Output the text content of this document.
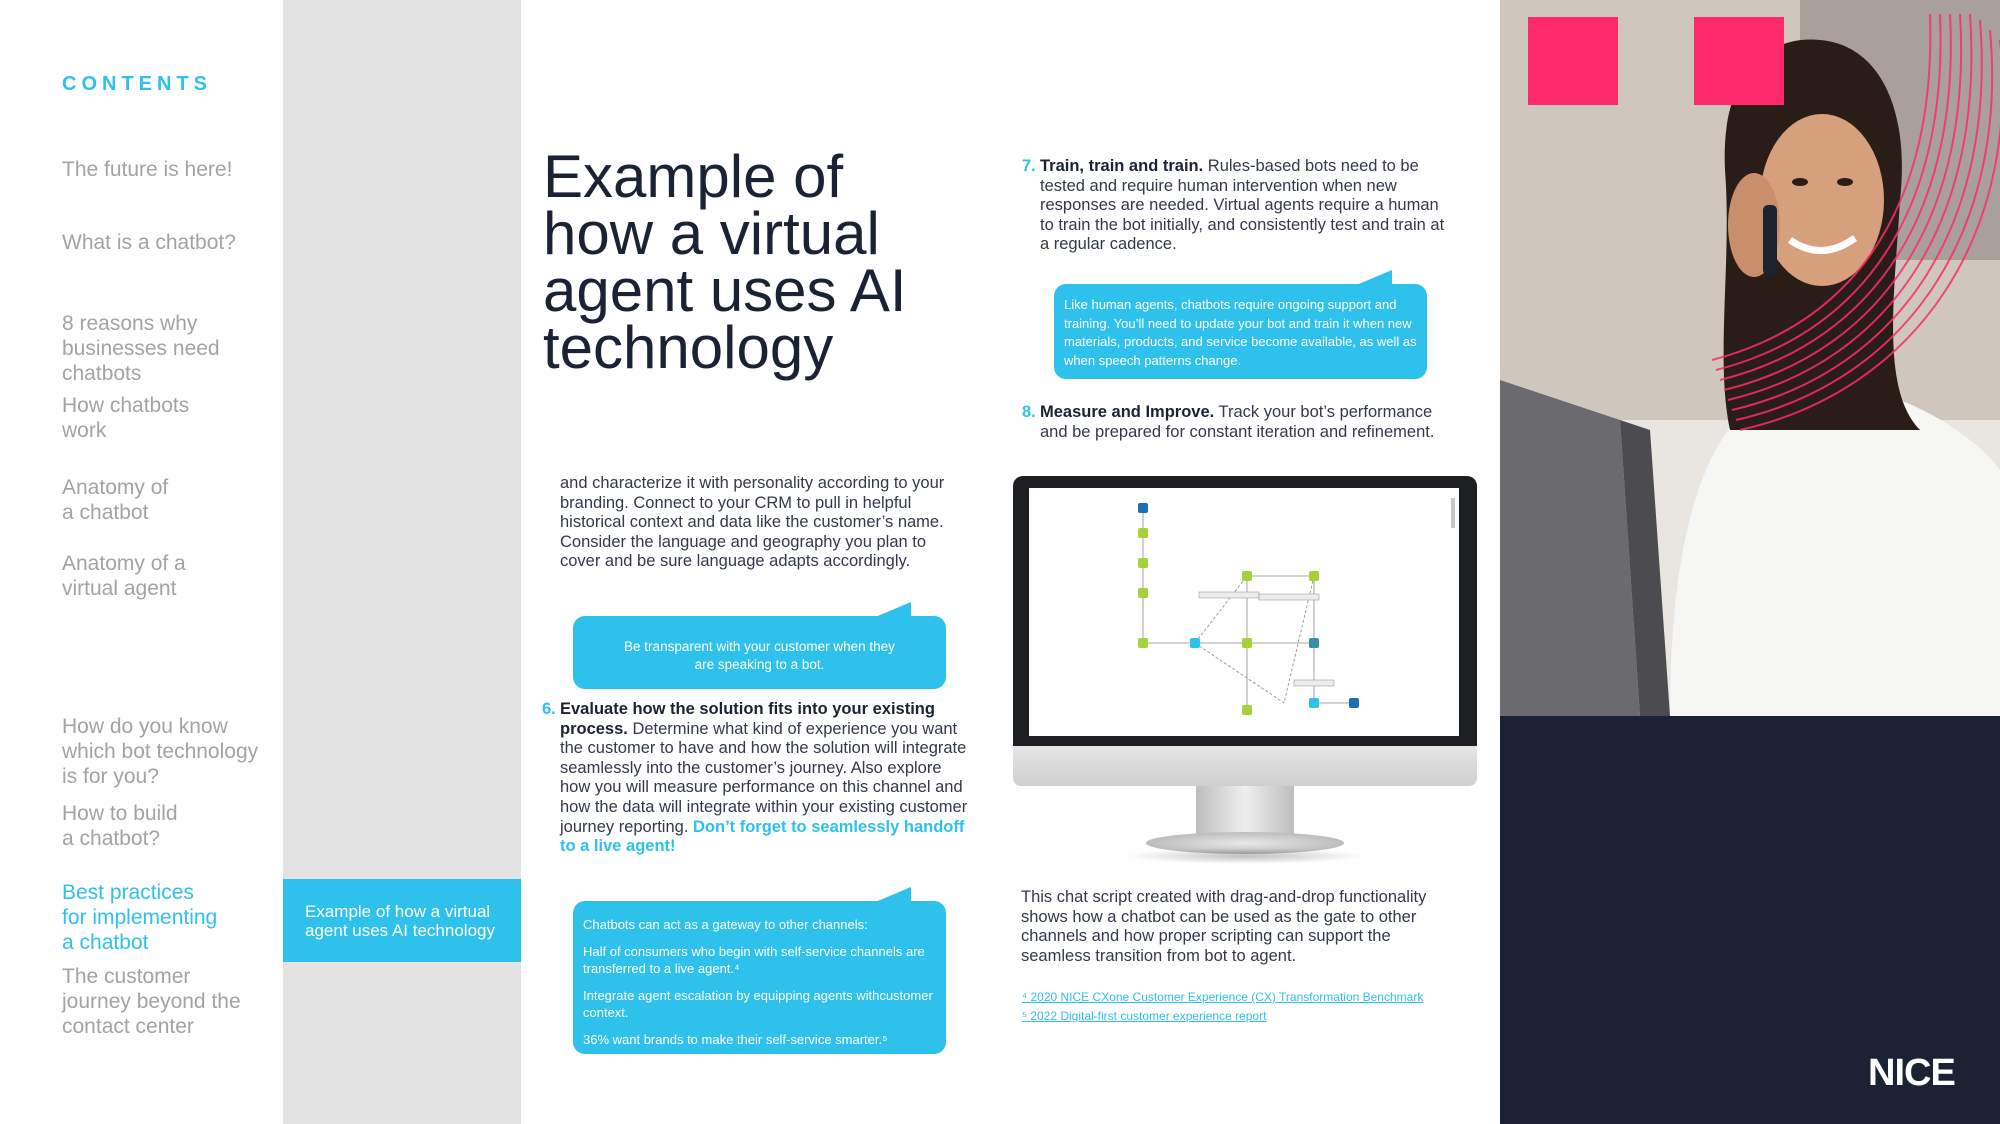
CONTENTS
The future is here!
What is a chatbot?
8 reasons why
businesses need
chatbots
How chatbots
work
Anatomy of
a chatbot
Anatomy of a
virtual agent
How do you know
which bot technology
is for you?
How to build
a chatbot?
Best practices
for implementing
a chatbot
The customer
journey beyond the
contact center
Example of how a virtual
agent uses AI technology
Example of
how a virtual
agent uses AI
technology

and characterize it with personality according to your branding. Connect to your CRM to pull in helpful historical context and data like the customer’s name. Consider the language and geography you plan to cover and be sure language adapts accordingly.

Be transparent with your customer when they are speaking to a bot.
6. Evaluate how the solution fits into your existing process. Determine what kind of experience you want the customer to have and how the solution will integrate seamlessly into the customer’s journey. Also explore how you will measure performance on this channel and how the data will integrate within your existing customer journey reporting. Don’t forget to seamlessly handoff to a live agent!
Chatbots can act as a gateway to other channels:
Half of consumers who begin with self-service channels are transferred to a live agent.⁴
Integrate agent escalation by equipping agents withcustomer context.
36% want brands to make their self-service smarter.⁵
7. Train, train and train. Rules-based bots need to be tested and require human intervention when new responses are needed. Virtual agents require a human to train the bot initially, and consistently test and train at a regular cadence.
Like human agents, chatbots require ongoing support and training. You’ll need to update your bot and train it when new materials, products, and service become available, as well as when speech patterns change.
8. Measure and Improve. Track your bot’s performance and be prepared for constant iteration and refinement.

This chat script created with drag-and-drop functionality shows how a chatbot can be used as the gate to other channels and how proper scripting can support the seamless transition from bot to agent.

⁴ 2020 NICE CXone Customer Experience (CX) Transformation Benchmark
⁵ 2022 Digital-first customer experience report
NICE
